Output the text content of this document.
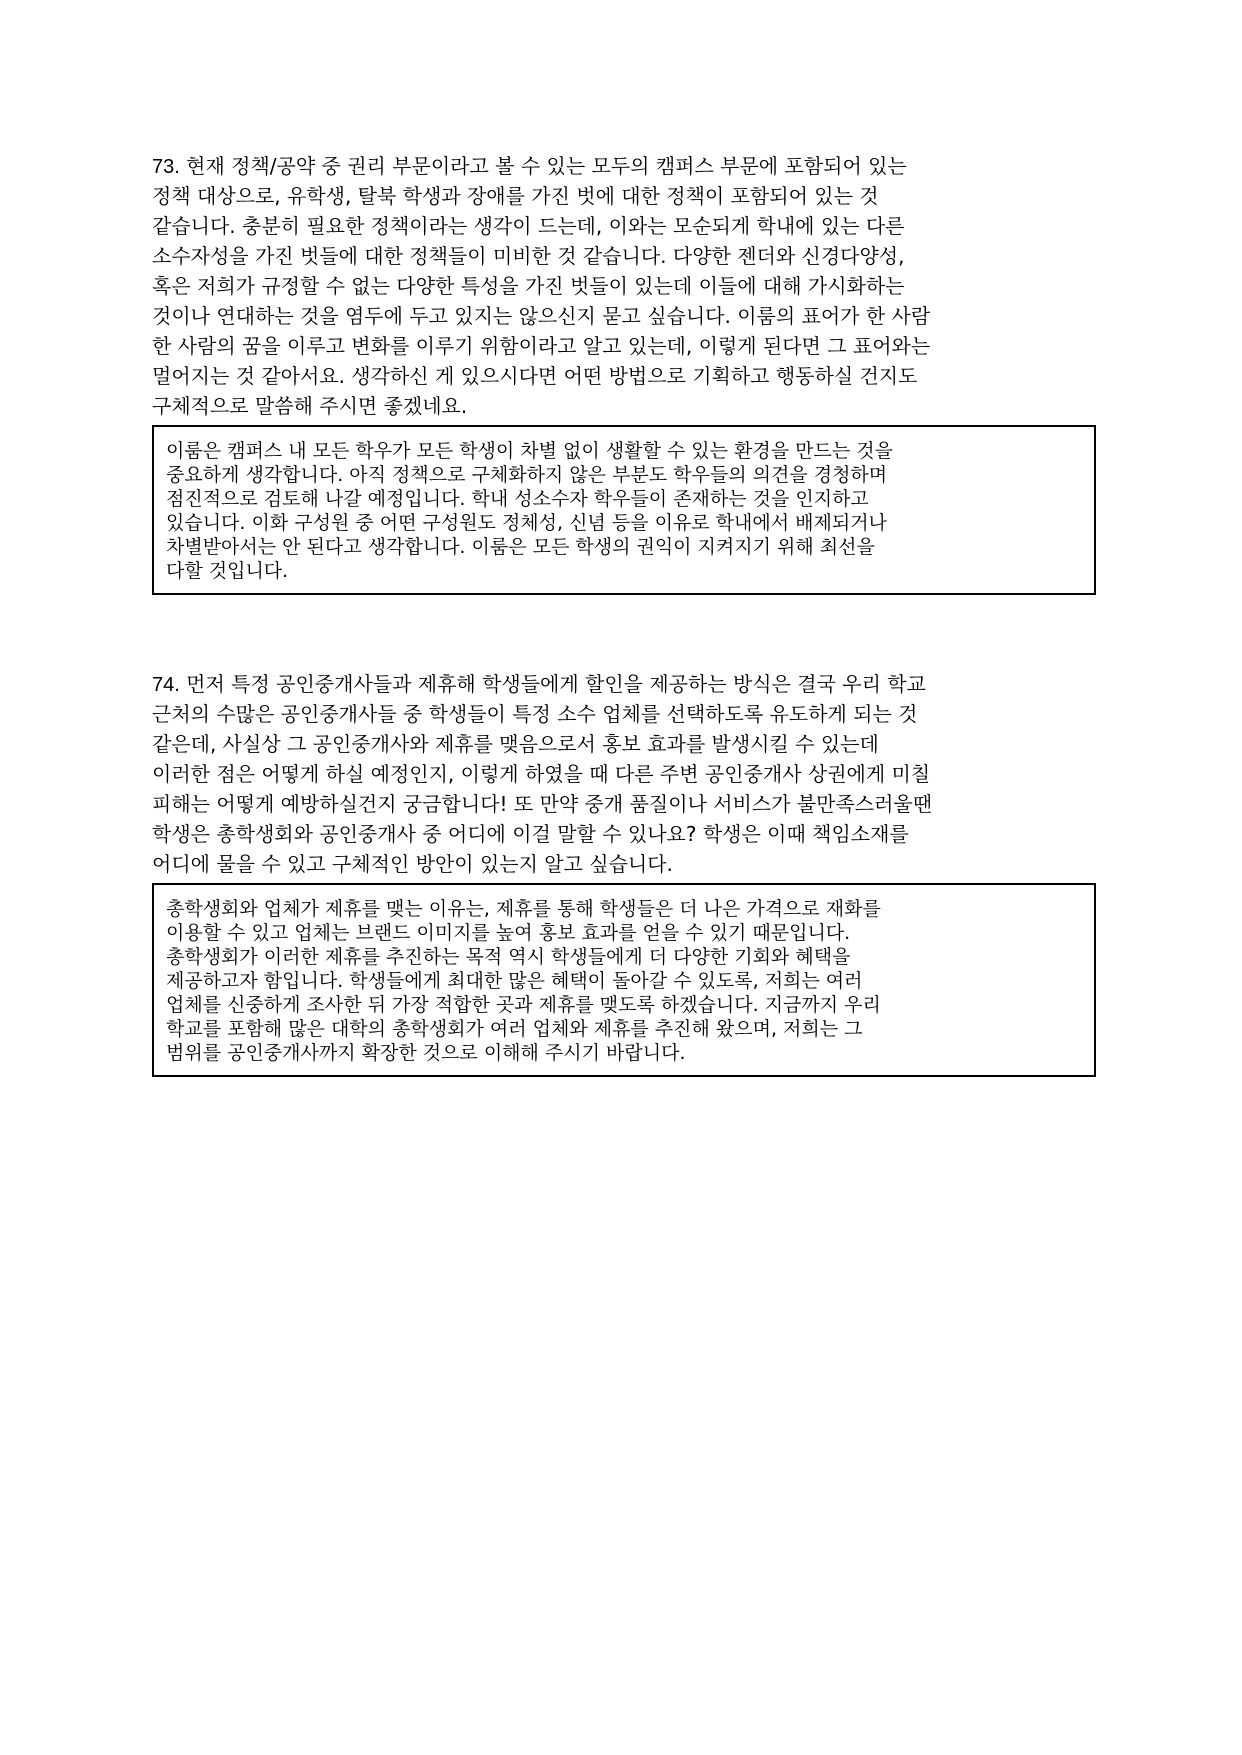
73. 현재 정책/공약 중 권리 부문이라고 볼 수 있는 모두의 캠퍼스 부문에 포함되어 있는
정책 대상으로, 유학생, 탈북 학생과 장애를 가진 벗에 대한 정책이 포함되어 있는 것
같습니다. 충분히 필요한 정책이라는 생각이 드는데, 이와는 모순되게 학내에 있는 다른
소수자성을 가진 벗들에 대한 정책들이 미비한 것 같습니다. 다양한 젠더와 신경다양성,
혹은 저희가 규정할 수 없는 다양한 특성을 가진 벗들이 있는데 이들에 대해 가시화하는
것이나 연대하는 것을 염두에 두고 있지는 않으신지 묻고 싶습니다. 이룸의 표어가 한 사람
한 사람의 꿈을 이루고 변화를 이루기 위함이라고 알고 있는데, 이렇게 된다면 그 표어와는
멀어지는 것 같아서요. 생각하신 게 있으시다면 어떤 방법으로 기획하고 행동하실 건지도
구체적으로 말씀해 주시면 좋겠네요.
이룸은 캠퍼스 내 모든 학우가 모든 학생이 차별 없이 생활할 수 있는 환경을 만드는 것을
중요하게 생각합니다. 아직 정책으로 구체화하지 않은 부분도 학우들의 의견을 경청하며
점진적으로 검토해 나갈 예정입니다. 학내 성소수자 학우들이 존재하는 것을 인지하고
있습니다. 이화 구성원 중 어떤 구성원도 정체성, 신념 등을 이유로 학내에서 배제되거나
차별받아서는 안 된다고 생각합니다. 이룸은 모든 학생의 권익이 지켜지기 위해 최선을
다할 것입니다.
74. 먼저 특정 공인중개사들과 제휴해 학생들에게 할인을 제공하는 방식은 결국 우리 학교
근처의 수많은 공인중개사들 중 학생들이 특정 소수 업체를 선택하도록 유도하게 되는 것
같은데, 사실상 그 공인중개사와 제휴를 맺음으로서 홍보 효과를 발생시킬 수 있는데
이러한 점은 어떻게 하실 예정인지, 이렇게 하였을 때 다른 주변 공인중개사 상권에게 미칠
피해는 어떻게 예방하실건지 궁금합니다! 또 만약 중개 품질이나 서비스가 불만족스러울땐
학생은 총학생회와 공인중개사 중 어디에 이걸 말할 수 있나요? 학생은 이때 책임소재를
어디에 물을 수 있고 구체적인 방안이 있는지 알고 싶습니다.
총학생회와 업체가 제휴를 맺는 이유는, 제휴를 통해 학생들은 더 나은 가격으로 재화를
이용할 수 있고 업체는 브랜드 이미지를 높여 홍보 효과를 얻을 수 있기 때문입니다.
총학생회가 이러한 제휴를 추진하는 목적 역시 학생들에게 더 다양한 기회와 혜택을
제공하고자 함입니다. 학생들에게 최대한 많은 혜택이 돌아갈 수 있도록, 저희는 여러
업체를 신중하게 조사한 뒤 가장 적합한 곳과 제휴를 맺도록 하겠습니다. 지금까지 우리
학교를 포함해 많은 대학의 총학생회가 여러 업체와 제휴를 추진해 왔으며, 저희는 그
범위를 공인중개사까지 확장한 것으로 이해해 주시기 바랍니다.
